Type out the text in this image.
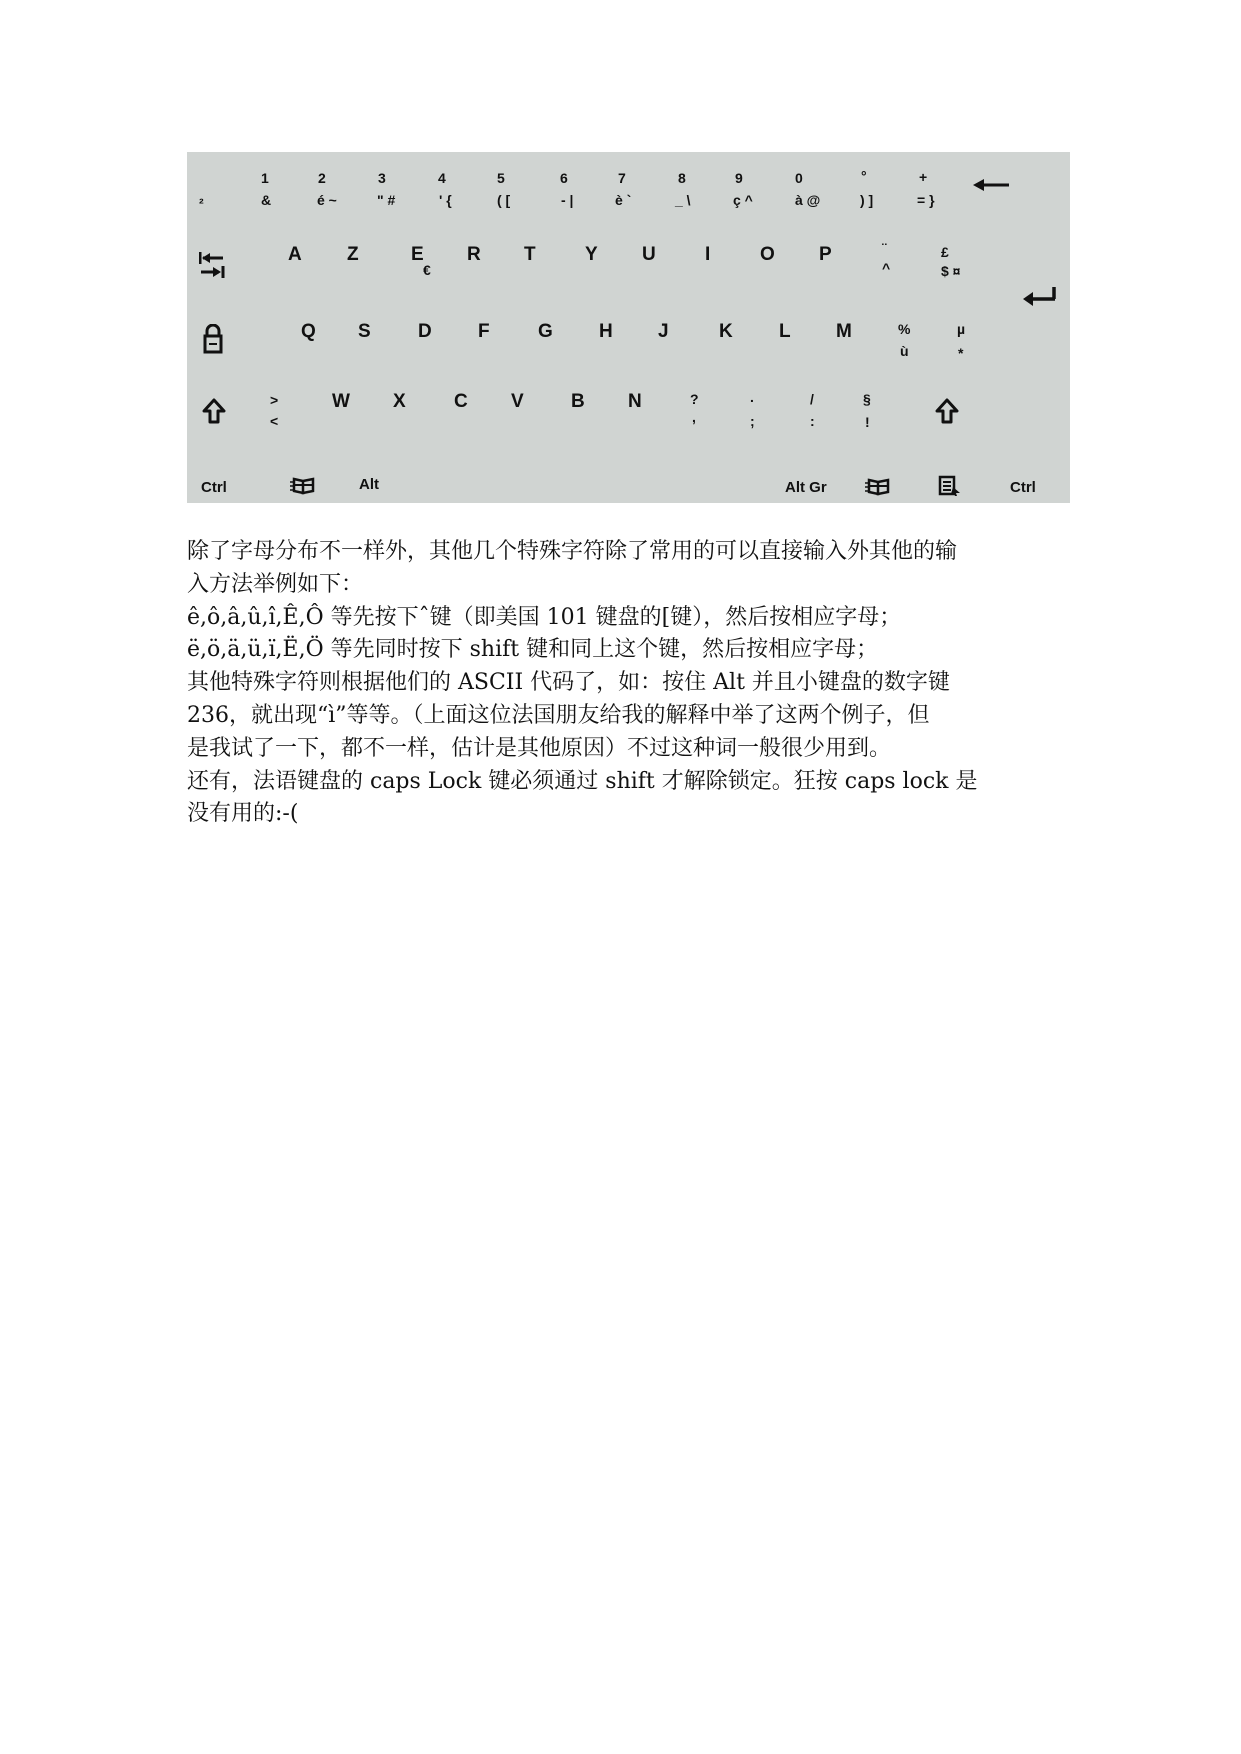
²
1
&
2
é ~
3
" #
4
' {
5
( [
6
- |
7
è `
8
_ \
9
ç ^
0
à @
°
) ]
+
= }
A Z	E
€
R T	Y U	I	O P	¨
^
£
$ ¤
Q S D F	G H J	K L M	%
ù
µ
*
>
<
W X	C V B N	?
,
.
;
/
:
§
!
Ctrl	Alt	Alt Gr	Ctrl

除了字母分布不一样外，其他几个特殊字符除了常用的可以直接输入外其他的输

入方法举例如下：

ê,ô,â,û,î,Ê,Ô 等先按下ˆ键（即美国 101 键盘的[键），然后按相应字母；

ë,ö,ä,ü,ï,Ë,Ö 等先同时按下 shift 键和同上这个键，然后按相应字母；

其他特殊字符则根据他们的 ASCII 代码了，如：按住 Alt 并且小键盘的数字键

236，就出现“ì”等等。（上面这位法国朋友给我的解释中举了这两个例子，但

是我试了一下，都不一样，估计是其他原因）不过这种词一般很少用到。

还有，法语键盘的 caps Lock 键必须通过 shift 才解除锁定。狂按 caps lock 是

没有用的:-(
